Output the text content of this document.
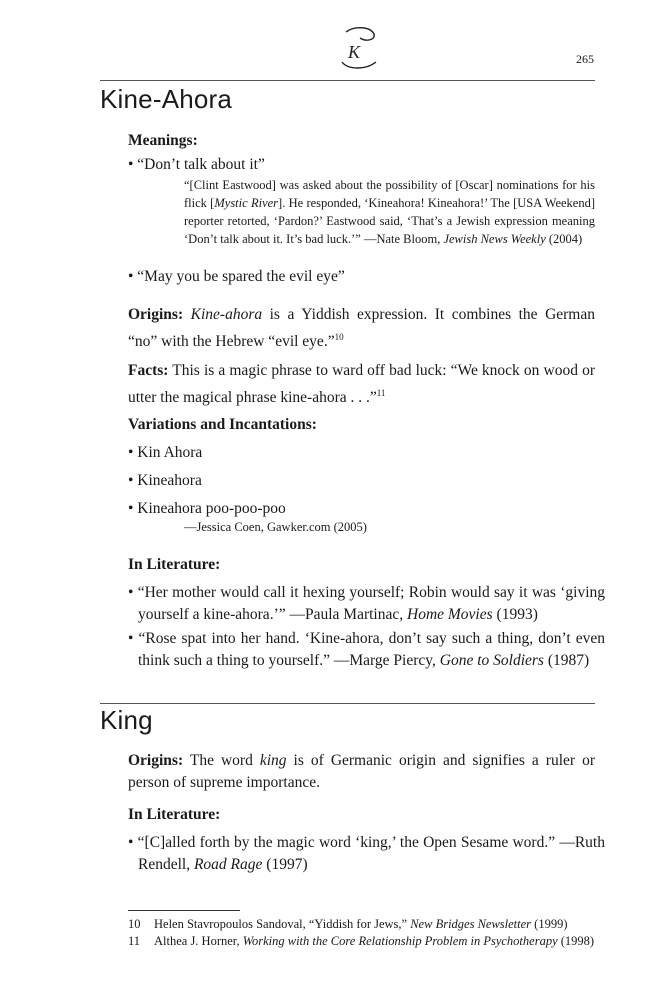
K	265
Kine-Ahora
Meanings:

• “Don’t talk about it”

“[Clint Eastwood] was asked about the possibility of [Oscar] nominations for his flick [Mystic River]. He responded, ‘Kineahora! Kineahora!’ The [USA Weekend] reporter retorted, ‘Pardon?’ Eastwood said, ‘That’s a Jewish expression meaning ‘Don’t talk about it. It’s bad luck.’” —Nate Bloom, Jewish News Weekly (2004)

• “May you be spared the evil eye”

Origins: Kine-ahora is a Yiddish expression. It combines the German “no” with the Hebrew “evil eye.”$^{10}$

Facts: This is a magic phrase to ward off bad luck: “We knock on wood or utter the magical phrase kine-ahora . . .”$^{11}$

Variations and Incantations:

• Kin Ahora

• Kineahora

• Kineahora poo-poo-poo

—Jessica Coen, Gawker.com (2005)

In Literature:

• “Her mother would call it hexing yourself; Robin would say it was ‘giving yourself a kine-ahora.’” —Paula Martinac, Home Movies (1993)

• “Rose spat into her hand. ‘Kine-ahora, don’t say such a thing, don’t even think such a thing to yourself.” —Marge Piercy, Gone to Soldiers (1987)

King

Origins: The word king is of Germanic origin and signifies a ruler or person of supreme importance.

In Literature:

• “[C]alled forth by the magic word ‘king,’ the Open Sesame word.” —Ruth Rendell, Road Rage (1997)

10 Helen Stavropoulos Sandoval, “Yiddish for Jews,” New Bridges Newsletter (1999)

11 Althea J. Horner, Working with the Core Relationship Problem in Psychotherapy (1998)
